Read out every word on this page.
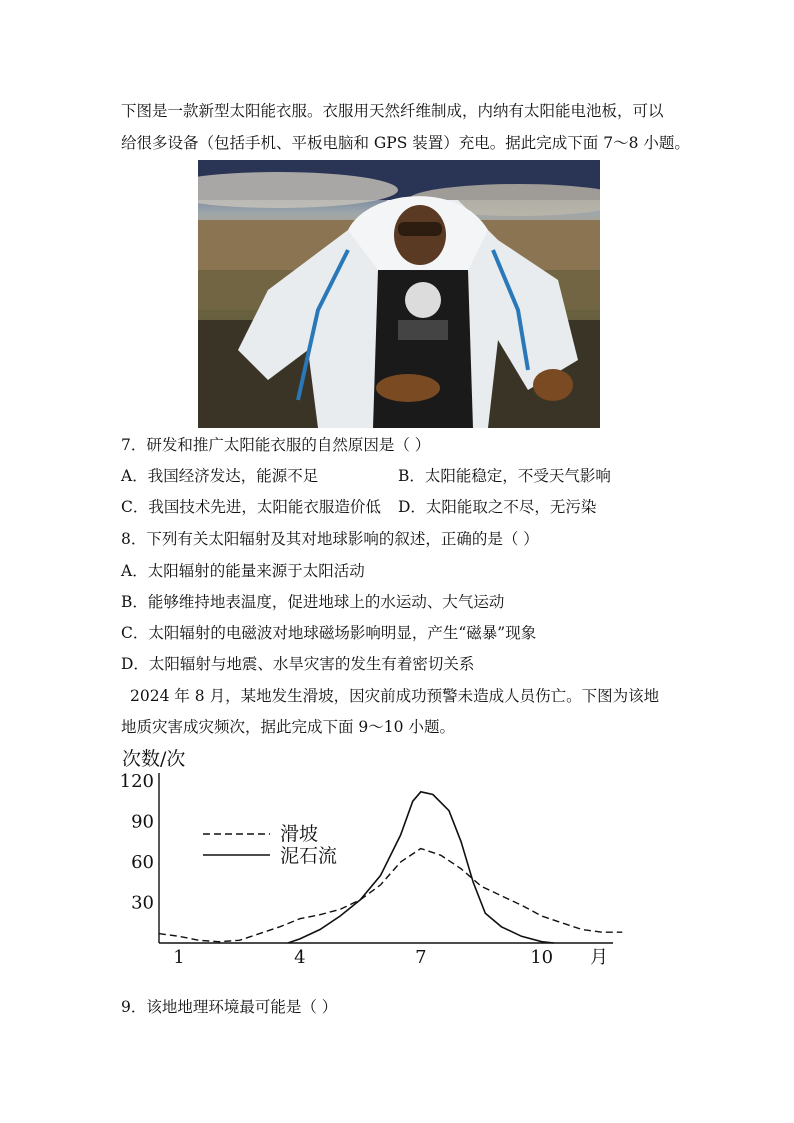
下图是一款新型太阳能衣服。衣服用天然纤维制成，内纳有太阳能电池板，可以
给很多设备（包括手机、平板电脑和 GPS 装置）充电。据此完成下面 7～8 小题。
7．研发和推广太阳能衣服的自然原因是（ ）
A．我国经济发达，能源不足	B．太阳能稳定，不受天气影响
C．我国技术先进，太阳能衣服造价低 D．太阳能取之不尽，无污染
8．下列有关太阳辐射及其对地球影响的叙述，正确的是（ ）
A．太阳辐射的能量来源于太阳活动
B．能够维持地表温度，促进地球上的水运动、大气运动
C．太阳辐射的电磁波对地球磁场影响明显，产生“磁暴”现象
D．太阳辐射与地震、水旱灾害的发生有着密切关系
2024 年 8 月，某地发生滑坡，因灾前成功预警未造成人员伤亡。下图为该地
地质灾害成灾频次，据此完成下面 9～10 小题。
次数/次
120
90
60
30
1	4	7	10 月
滑坡
泥石流
9．该地地理环境最可能是（ ）
